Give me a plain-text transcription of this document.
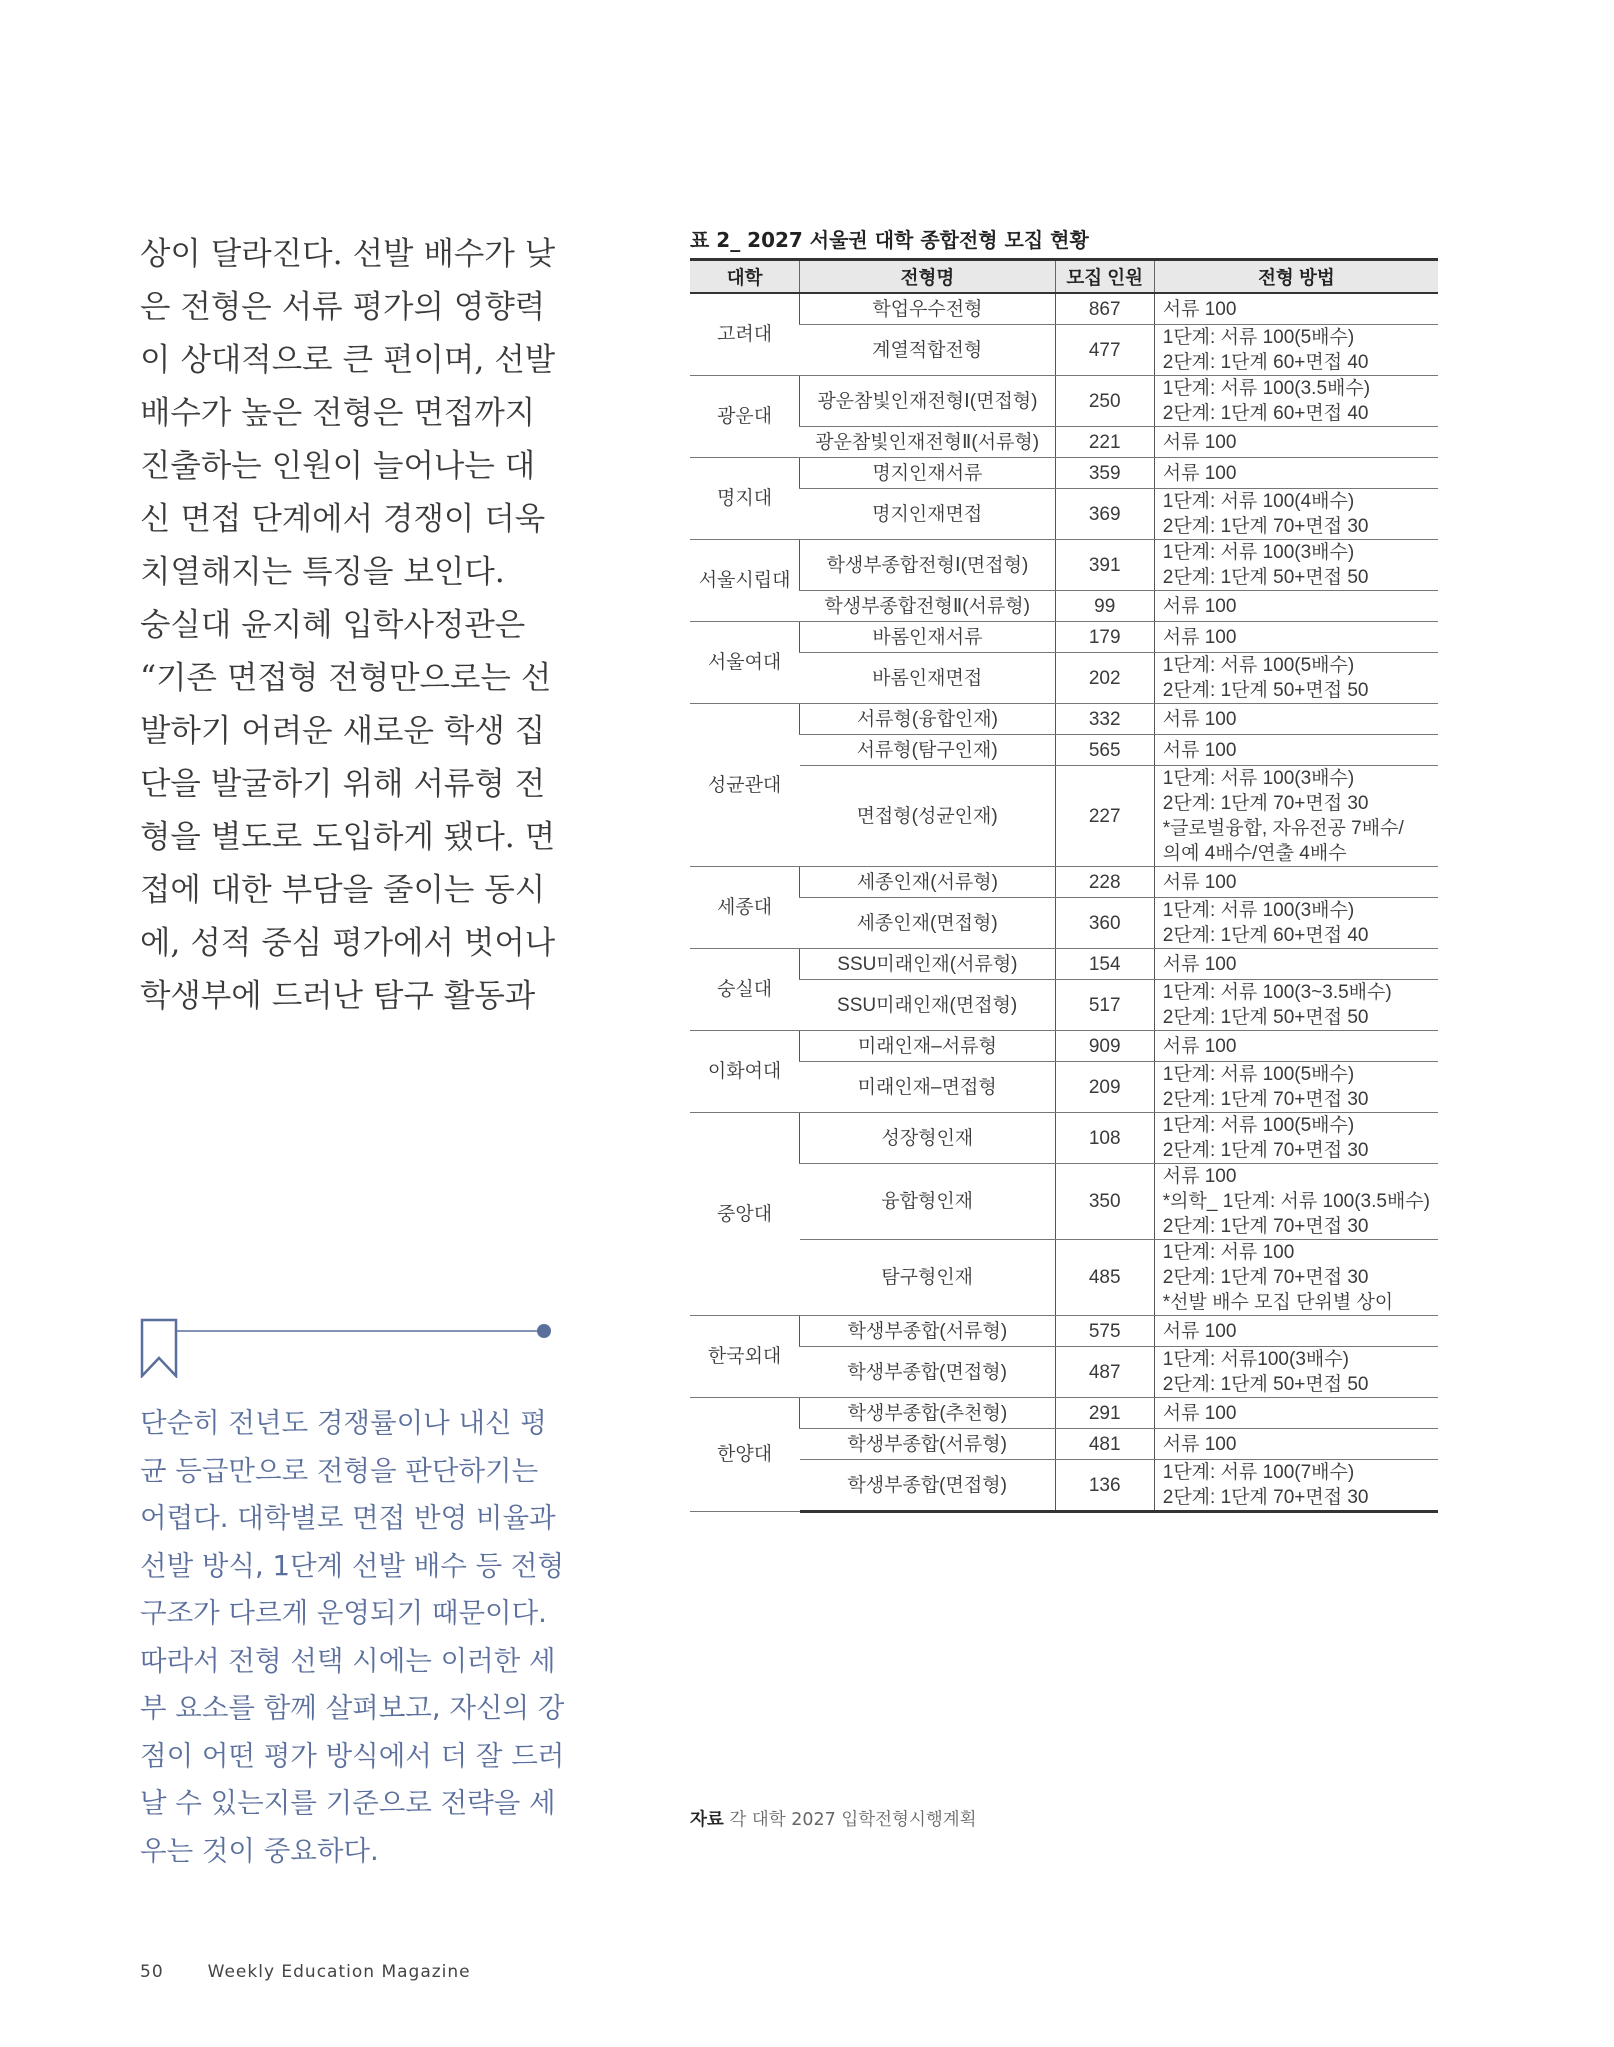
상이 달라진다. 선발 배수가 낮은 전형은 서류 평가의 영향력이 상대적으로 큰 편이며, 선발 배수가 높은 전형은 면접까지 진출하는 인원이 늘어나는 대신 면접 단계에서 경쟁이 더욱 치열해지는 특징을 보인다.

숭실대 윤지혜 입학사정관은 “기존 면접형 전형만으로는 선발하기 어려운 새로운 학생 집단을 발굴하기 위해 서류형 전형을 별도로 도입하게 됐다. 면접에 대한 부담을 줄이는 동시에, 성적 중심 평가에서 벗어나 학생부에 드러난 탐구 활동과

단순히 전년도 경쟁률이나 내신 평균 등급만으로 전형을 판단하기는 어렵다. 대학별로 면접 반영 비율과 선발 방식, 1단계 선발 배수 등 전형 구조가 다르게 운영되기 때문이다. 따라서 전형 선택 시에는 이러한 세부 요소를 함께 살펴보고, 자신의 강점이 어떤 평가 방식에서 더 잘 드러날 수 있는지를 기준으로 전략을 세우는 것이 중요하다.

표 2_ 2027 서울권 대학 종합전형 모집 현황

대학	전형명	모집 인원	전형 방법
고려대	학업우수전형	867	서류 100

	계열적합전형	477	1단계: 서류 100(5배수)
2단계: 1단계 60+면접 40

광운대	광운참빛인재전형Ⅰ(면접형)	250	1단계: 서류 100(3.5배수)
2단계: 1단계 60+면접 40

	광운참빛인재전형Ⅱ(서류형)	221	서류 100

명지대	명지인재서류	359	서류 100

	명지인재면접	369	1단계: 서류 100(4배수)
2단계: 1단계 70+면접 30

서울시립대	학생부종합전형Ⅰ(면접형)	391	1단계: 서류 100(3배수)
2단계: 1단계 50+면접 50

	학생부종합전형Ⅱ(서류형)	99	서류 100

서울여대	바롬인재서류	179	서류 100

	바롬인재면접	202	1단계: 서류 100(5배수)
2단계: 1단계 50+면접 50

성균관대	서류형(융합인재)	332	서류 100

	서류형(탐구인재)	565	서류 100

	면접형(성균인재)	227	1단계: 서류 100(3배수)
2단계: 1단계 70+면접 30
*글로벌융합, 자유전공 7배수/
의예 4배수/연출 4배수

세종대	세종인재(서류형)	228	서류 100

	세종인재(면접형)	360	1단계: 서류 100(3배수)
2단계: 1단계 60+면접 40

숭실대	SSU미래인재(서류형)	154	서류 100

	SSU미래인재(면접형)	517	1단계: 서류 100(3~3.5배수)
2단계: 1단계 50+면접 50

이화여대	미래인재–서류형	909	서류 100

	미래인재–면접형	209	1단계: 서류 100(5배수)
2단계: 1단계 70+면접 30

중앙대	성장형인재	108	1단계: 서류 100(5배수)
2단계: 1단계 70+면접 30

	융합형인재	350	서류 100
*의학_ 1단계: 서류 100(3.5배수)
2단계: 1단계 70+면접 30

	탐구형인재	485	1단계: 서류 100
2단계: 1단계 70+면접 30
*선발 배수 모집 단위별 상이

한국외대	학생부종합(서류형)	575	서류 100

	학생부종합(면접형)	487	1단계: 서류100(3배수)
2단계: 1단계 50+면접 50

한양대	학생부종합(추천형)	291	서류 100

	학생부종합(서류형)	481	서류 100

	학생부종합(면접형)	136	1단계: 서류 100(7배수)
2단계: 1단계 70+면접 30

자료 각 대학 2027 입학전형시행계획

50	Weekly Education Magazine
